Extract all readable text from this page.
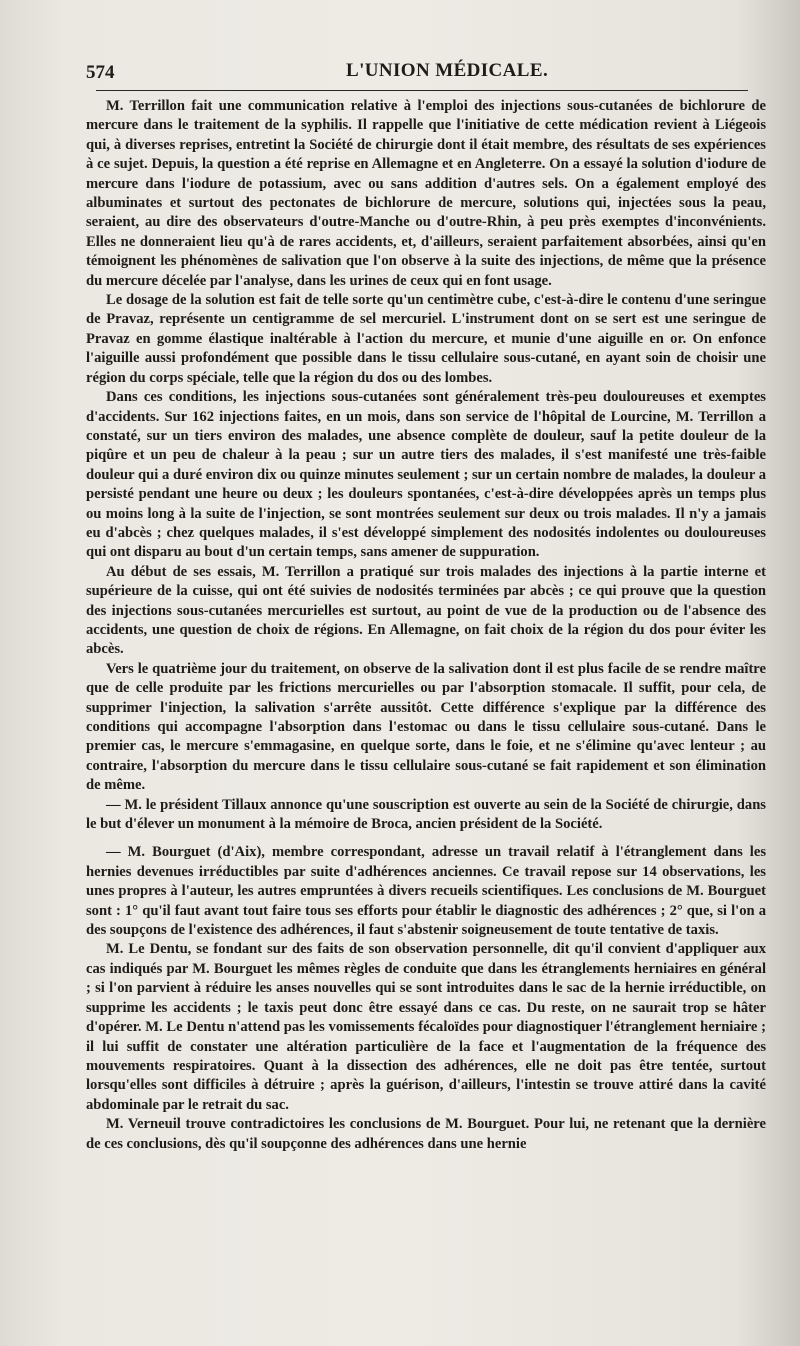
574	L'UNION MÉDICALE.

M. Terrillon fait une communication relative à l'emploi des injections sous-cutanées de bichlorure de mercure dans le traitement de la syphilis. Il rappelle que l'initiative de cette médication revient à Liégeois qui, à diverses reprises, entretint la Société de chirurgie dont il était membre, des résultats de ses expériences à ce sujet. Depuis, la question a été reprise en Allemagne et en Angleterre. On a essayé la solution d'iodure de mercure dans l'iodure de potassium, avec ou sans addition d'autres sels. On a également employé des albuminates et surtout des pectonates de bichlorure de mercure, solutions qui, injectées sous la peau, seraient, au dire des observateurs d'outre-Manche ou d'outre-Rhin, à peu près exemptes d'inconvénients. Elles ne donneraient lieu qu'à de rares accidents, et, d'ailleurs, seraient parfaitement absorbées, ainsi qu'en témoignent les phénomènes de salivation que l'on observe à la suite des injections, de même que la présence du mercure décelée par l'analyse, dans les urines de ceux qui en font usage.

Le dosage de la solution est fait de telle sorte qu'un centimètre cube, c'est-à-dire le contenu d'une seringue de Pravaz, représente un centigramme de sel mercuriel. L'instrument dont on se sert est une seringue de Pravaz en gomme élastique inaltérable à l'action du mercure, et munie d'une aiguille en or. On enfonce l'aiguille aussi profondément que possible dans le tissu cellulaire sous-cutané, en ayant soin de choisir une région du corps spéciale, telle que la région du dos ou des lombes.

Dans ces conditions, les injections sous-cutanées sont généralement très-peu douloureuses et exemptes d'accidents. Sur 162 injections faites, en un mois, dans son service de l'hôpital de Lourcine, M. Terrillon a constaté, sur un tiers environ des malades, une absence complète de douleur, sauf la petite douleur de la piqûre et un peu de chaleur à la peau ; sur un autre tiers des malades, il s'est manifesté une très-faible douleur qui a duré environ dix ou quinze minutes seulement ; sur un certain nombre de malades, la douleur a persisté pendant une heure ou deux ; les douleurs spontanées, c'est-à-dire développées après un temps plus ou moins long à la suite de l'injection, se sont montrées seulement sur deux ou trois malades. Il n'y a jamais eu d'abcès ; chez quelques malades, il s'est développé simplement des nodosités indolentes ou douloureuses qui ont disparu au bout d'un certain temps, sans amener de suppuration.

Au début de ses essais, M. Terrillon a pratiqué sur trois malades des injections à la partie interne et supérieure de la cuisse, qui ont été suivies de nodosités terminées par abcès ; ce qui prouve que la question des injections sous-cutanées mercurielles est surtout, au point de vue de la production ou de l'absence des accidents, une question de choix de régions. En Allemagne, on fait choix de la région du dos pour éviter les abcès.

Vers le quatrième jour du traitement, on observe de la salivation dont il est plus facile de se rendre maître que de celle produite par les frictions mercurielles ou par l'absorption stomacale. Il suffit, pour cela, de supprimer l'injection, la salivation s'arrête aussitôt. Cette différence s'explique par la différence des conditions qui accompagne l'absorption dans l'estomac ou dans le tissu cellulaire sous-cutané. Dans le premier cas, le mercure s'emmagasine, en quelque sorte, dans le foie, et ne s'élimine qu'avec lenteur ; au contraire, l'absorption du mercure dans le tissu cellulaire sous-cutané se fait rapidement et son élimination de même.

— M. le président Tillaux annonce qu'une souscription est ouverte au sein de la Société de chirurgie, dans le but d'élever un monument à la mémoire de Broca, ancien président de la Société.

— M. Bourguet (d'Aix), membre correspondant, adresse un travail relatif à l'étranglement dans les hernies devenues irréductibles par suite d'adhérences anciennes. Ce travail repose sur 14 observations, les unes propres à l'auteur, les autres empruntées à divers recueils scientifiques. Les conclusions de M. Bourguet sont : 1° qu'il faut avant tout faire tous ses efforts pour établir le diagnostic des adhérences ; 2° que, si l'on a des soupçons de l'existence des adhérences, il faut s'abstenir soigneusement de toute tentative de taxis.

M. Le Dentu, se fondant sur des faits de son observation personnelle, dit qu'il convient d'appliquer aux cas indiqués par M. Bourguet les mêmes règles de conduite que dans les étranglements herniaires en général ; si l'on parvient à réduire les anses nouvelles qui se sont introduites dans le sac de la hernie irréductible, on supprime les accidents ; le taxis peut donc être essayé dans ce cas. Du reste, on ne saurait trop se hâter d'opérer. M. Le Dentu n'attend pas les vomissements fécaloïdes pour diagnostiquer l'étranglement herniaire ; il lui suffit de constater une altération particulière de la face et l'augmentation de la fréquence des mouvements respiratoires. Quant à la dissection des adhérences, elle ne doit pas être tentée, surtout lorsqu'elles sont difficiles à détruire ; après la guérison, d'ailleurs, l'intestin se trouve attiré dans la cavité abdominale par le retrait du sac.

M. Verneuil trouve contradictoires les conclusions de M. Bourguet. Pour lui, ne retenant que la dernière de ces conclusions, dès qu'il soupçonne des adhérences dans une hernie
